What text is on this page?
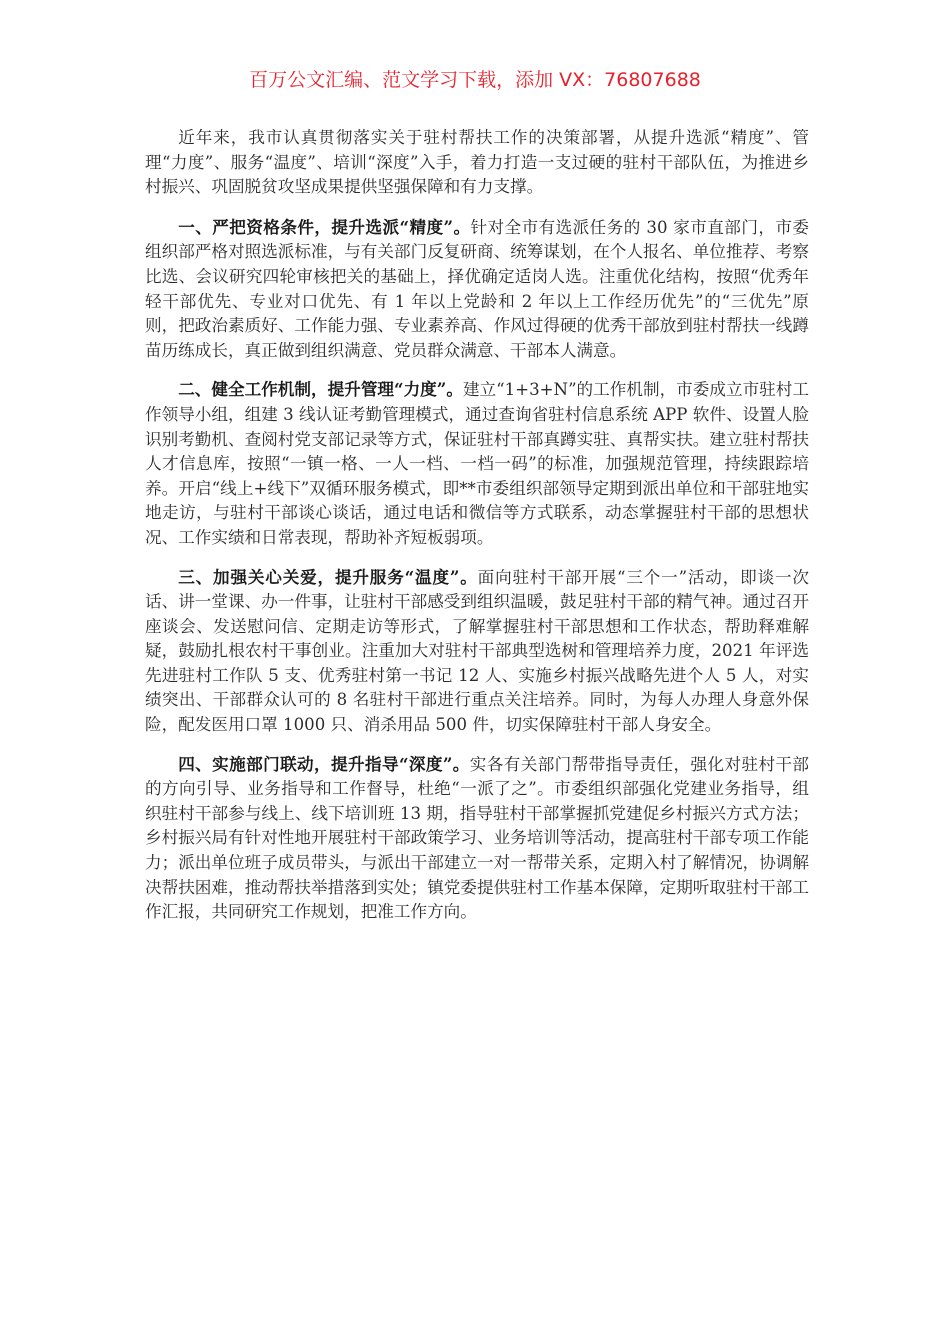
百万公文汇编、范文学习下载，添加 VX：76807688

近年来，我市认真贯彻落实关于驻村帮扶工作的决策部署，从提升选派“精度”、管理“力度”、服务“温度”、培训“深度”入手，着力打造一支过硬的驻村干部队伍，为推进乡村振兴、巩固脱贫攻坚成果提供坚强保障和有力支撑。

一、严把资格条件，提升选派“精度”。针对全市有选派任务的 30 家市直部门，市委组织部严格对照选派标准，与有关部门反复研商、统筹谋划，在个人报名、单位推荐、考察比选、会议研究四轮审核把关的基础上，择优确定适岗人选。注重优化结构，按照“优秀年轻干部优先、专业对口优先、有 1 年以上党龄和 2 年以上工作经历优先”的“三优先”原则，把政治素质好、工作能力强、专业素养高、作风过得硬的优秀干部放到驻村帮扶一线蹲苗历练成长，真正做到组织满意、党员群众满意、干部本人满意。

二、健全工作机制，提升管理“力度”。建立“1+3+N”的工作机制，市委成立市驻村工作领导小组，组建 3 线认证考勤管理模式，通过查询省驻村信息系统 APP 软件、设置人脸识别考勤机、查阅村党支部记录等方式，保证驻村干部真蹲实驻、真帮实扶。建立驻村帮扶人才信息库，按照“一镇一格、一人一档、一档一码”的标准，加强规范管理，持续跟踪培养。开启“线上+线下”双循环服务模式，即**市委组织部领导定期到派出单位和干部驻地实地走访，与驻村干部谈心谈话，通过电话和微信等方式联系，动态掌握驻村干部的思想状况、工作实绩和日常表现，帮助补齐短板弱项。

三、加强关心关爱，提升服务“温度”。面向驻村干部开展“三个一”活动，即谈一次话、讲一堂课、办一件事，让驻村干部感受到组织温暖，鼓足驻村干部的精气神。通过召开座谈会、发送慰问信、定期走访等形式，了解掌握驻村干部思想和工作状态，帮助释难解疑，鼓励扎根农村干事创业。注重加大对驻村干部典型选树和管理培养力度，2021 年评选先进驻村工作队 5 支、优秀驻村第一书记 12 人、实施乡村振兴战略先进个人 5 人，对实绩突出、干部群众认可的 8 名驻村干部进行重点关注培养。同时，为每人办理人身意外保险，配发医用口罩 1000 只、消杀用品 500 件，切实保障驻村干部人身安全。

四、实施部门联动，提升指导“深度”。实各有关部门帮带指导责任，强化对驻村干部的方向引导、业务指导和工作督导，杜绝“一派了之”。市委组织部强化党建业务指导，组织驻村干部参与线上、线下培训班 13 期，指导驻村干部掌握抓党建促乡村振兴方式方法；乡村振兴局有针对性地开展驻村干部政策学习、业务培训等活动，提高驻村干部专项工作能力；派出单位班子成员带头，与派出干部建立一对一帮带关系，定期入村了解情况，协调解决帮扶困难，推动帮扶举措落到实处；镇党委提供驻村工作基本保障，定期听取驻村干部工作汇报，共同研究工作规划，把准工作方向。
